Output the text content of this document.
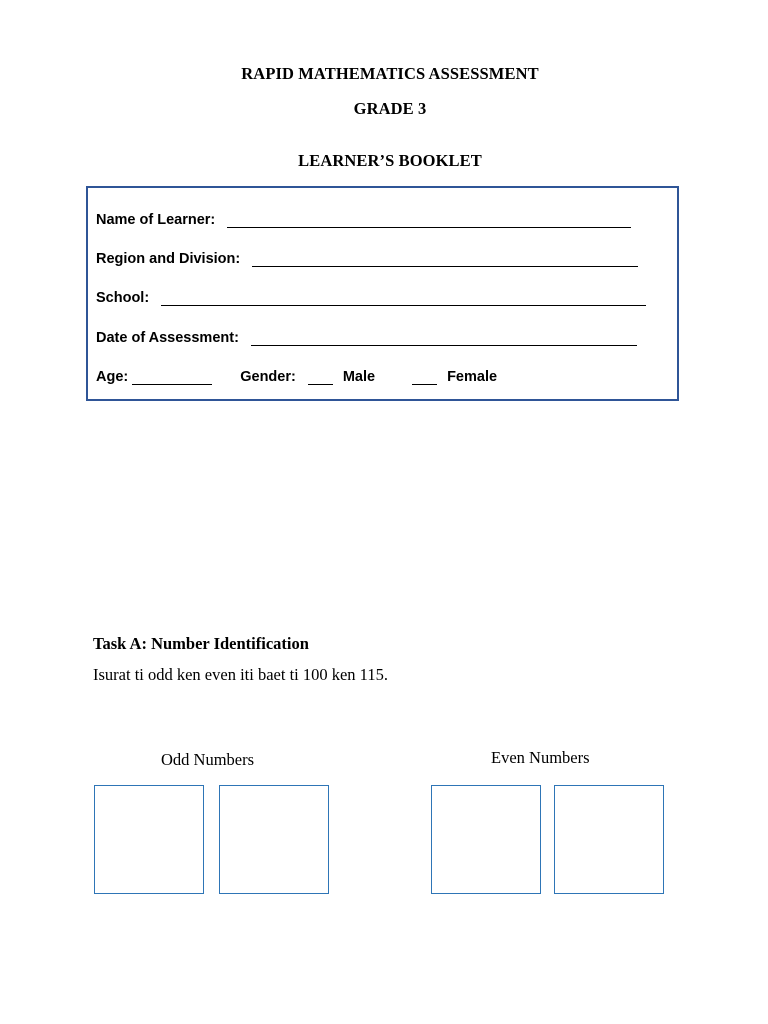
RAPID MATHEMATICS ASSESSMENT
GRADE 3
LEARNER’S BOOKLET
Name of Learner:
Region and Division:
School:
Date of Assessment:
Age:	Gender:	Male	Female
Task A: Number Identification
Isurat ti odd ken even iti baet ti 100 ken 115.
Odd Numbers	Even Numbers
